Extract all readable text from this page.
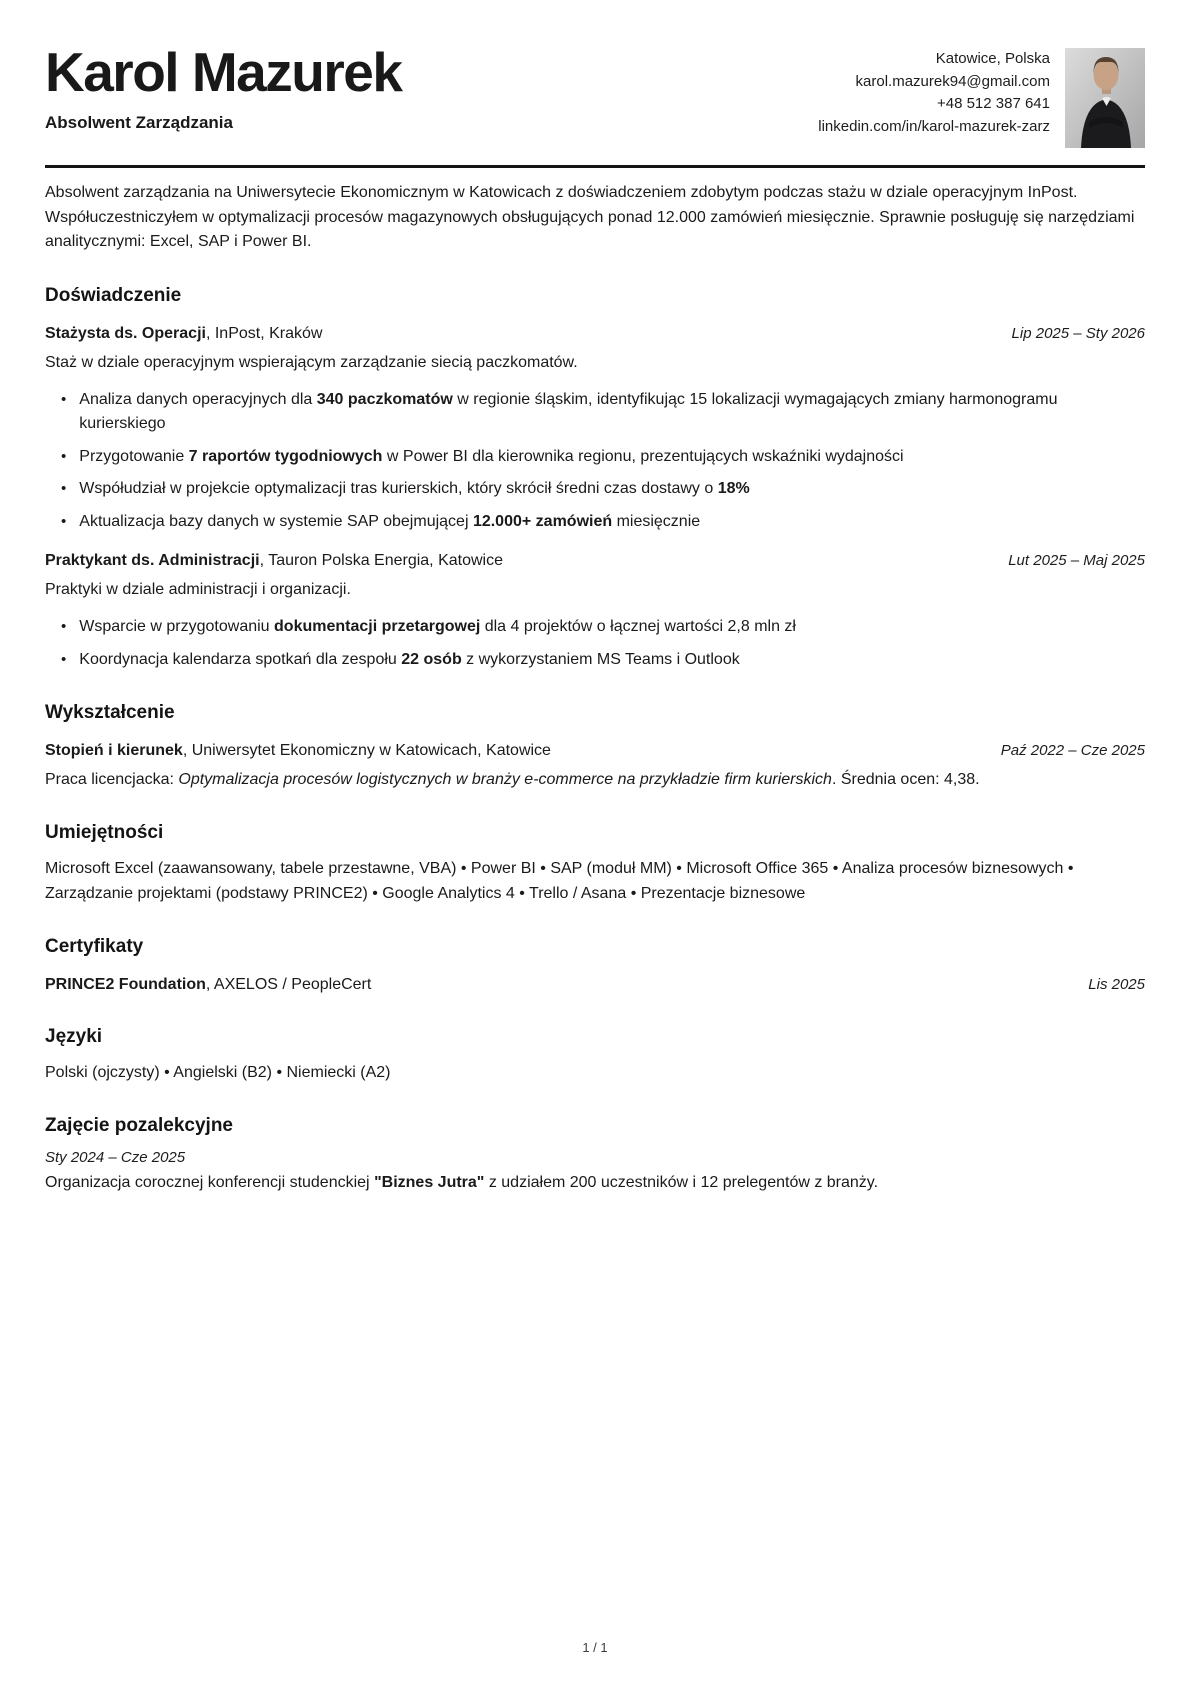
Karol Mazurek
Absolwent Zarządzania
Katowice, Polska
karol.mazurek94@gmail.com
+48 512 387 641
linkedin.com/in/karol-mazurek-zarz

Absolwent zarządzania na Uniwersytecie Ekonomicznym w Katowicach z doświadczeniem zdobytym podczas stażu w dziale operacyjnym InPost. Współuczestniczyłem w optymalizacji procesów magazynowych obsługujących ponad 12.000 zamówień miesięcznie. Sprawnie posługuję się narzędziami analitycznymi: Excel, SAP i Power BI.

Doświadczenie
Stażysta ds. Operacji, InPost, Kraków	Lip 2025 – Sty 2026
Staż w dziale operacyjnym wspierającym zarządzanie siecią paczkomatów.
• Analiza danych operacyjnych dla 340 paczkomatów w regionie śląskim, identyfikując 15 lokalizacji wymagających zmiany harmonogramu kurierskiego
• Przygotowanie 7 raportów tygodniowych w Power BI dla kierownika regionu, prezentujących wskaźniki wydajności
• Współudział w projekcie optymalizacji tras kurierskich, który skrócił średni czas dostawy o 18%
• Aktualizacja bazy danych w systemie SAP obejmującej 12.000+ zamówień miesięcznie
Praktykant ds. Administracji, Tauron Polska Energia, Katowice	Lut 2025 – Maj 2025
Praktyki w dziale administracji i organizacji.
• Wsparcie w przygotowaniu dokumentacji przetargowej dla 4 projektów o łącznej wartości 2,8 mln zł
• Koordynacja kalendarza spotkań dla zespołu 22 osób z wykorzystaniem MS Teams i Outlook
Wykształcenie
Stopień i kierunek, Uniwersytet Ekonomiczny w Katowicach, Katowice	Paź 2022 – Cze 2025
Praca licencjacka: Optymalizacja procesów logistycznych w branży e-commerce na przykładzie firm kurierskich. Średnia ocen: 4,38.
Umiejętności

Microsoft Excel (zaawansowany, tabele przestawne, VBA) • Power BI • SAP (moduł MM) • Microsoft Office 365 • Analiza procesów biznesowych • Zarządzanie projektami (podstawy PRINCE2) • Google Analytics 4 • Trello / Asana • Prezentacje biznesowe

Certyfikaty
PRINCE2 Foundation, AXELOS / PeopleCert	Lis 2025
Języki

Polski (ojczysty) • Angielski (B2) • Niemiecki (A2)

Zajęcie pozalekcyjne
Sty 2024 – Cze 2025
Organizacja corocznej konferencji studenckiej "Biznes Jutra" z udziałem 200 uczestników i 12 prelegentów z branży.
1 / 1
